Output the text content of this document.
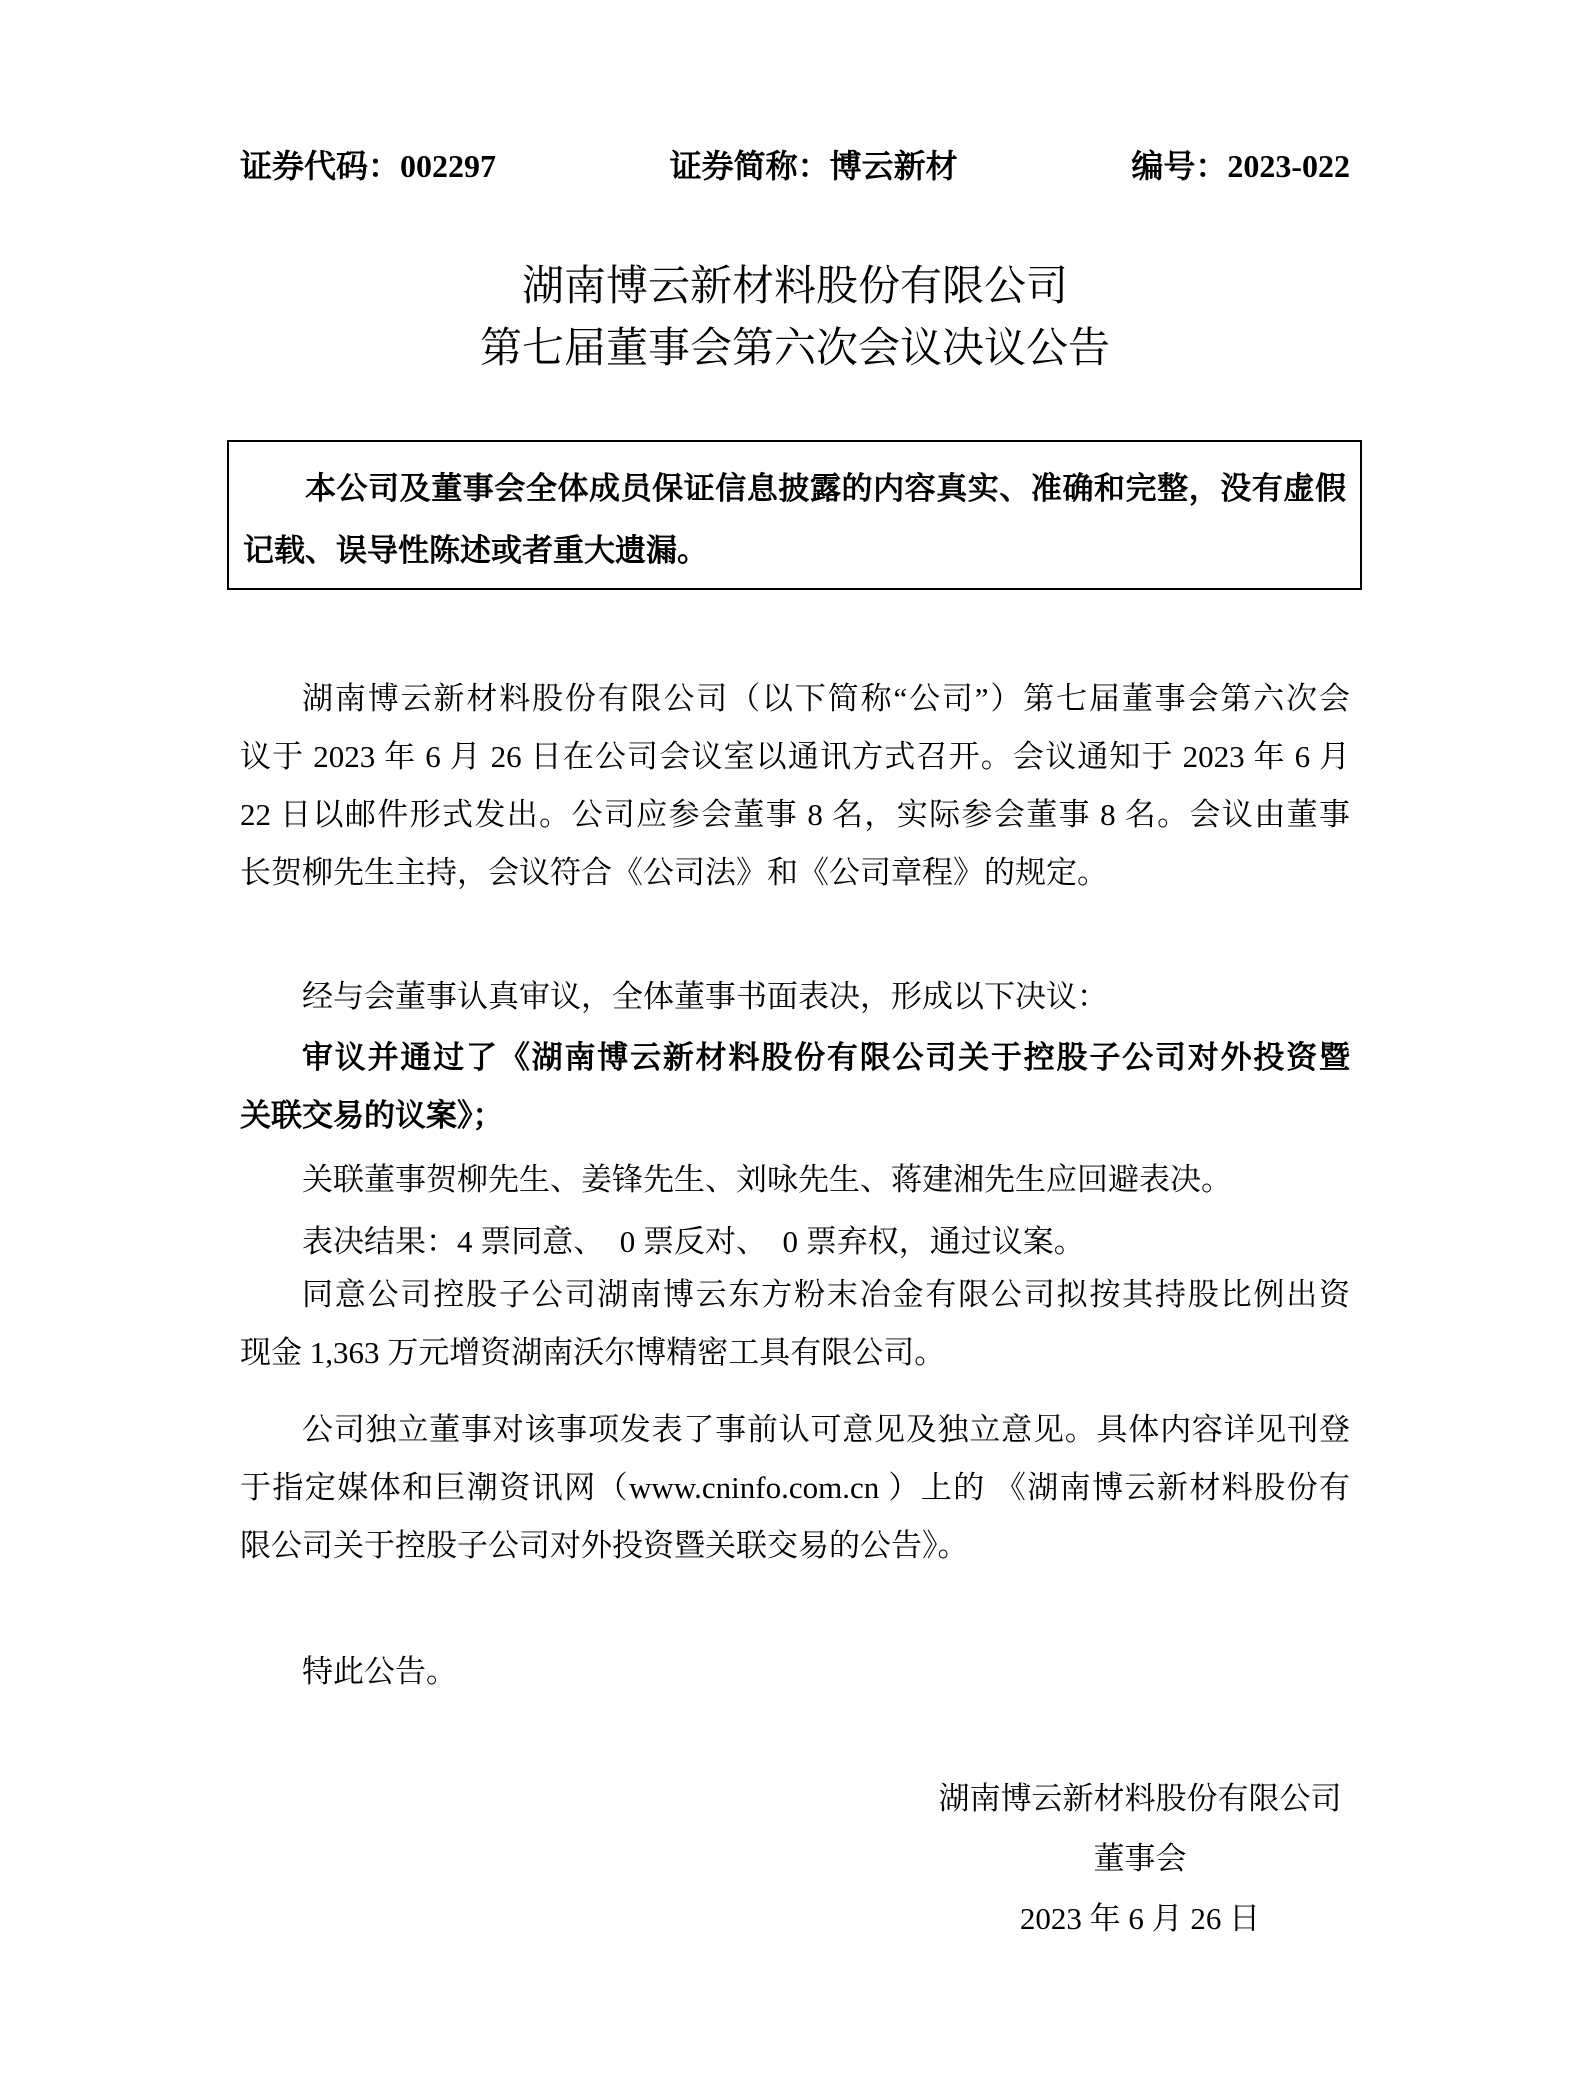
证券代码：002297	证券简称：博云新材	编号：2023-022
湖南博云新材料股份有限公司
第七届董事会第六次会议决议公告
本公司及董事会全体成员保证信息披露的内容真实、准确和完整，没有虚假
记载、误导性陈述或者重大遗漏。
湖南博云新材料股份有限公司（以下简称“公司”）第七届董事会第六次会
议于 2023 年 6 月 26 日在公司会议室以通讯方式召开。会议通知于 2023 年 6 月
22 日以邮件形式发出。公司应参会董事 8 名，实际参会董事 8 名。会议由董事
长贺柳先生主持，会议符合《公司法》和《公司章程》的规定。
经与会董事认真审议，全体董事书面表决，形成以下决议：
审议并通过了《湖南博云新材料股份有限公司关于控股子公司对外投资暨
关联交易的议案》；
关联董事贺柳先生、姜锋先生、刘咏先生、蒋建湘先生应回避表决。
表决结果：4 票同意、  0 票反对、  0 票弃权，通过议案。
同意公司控股子公司湖南博云东方粉末冶金有限公司拟按其持股比例出资
现金 1,363 万元增资湖南沃尔博精密工具有限公司。
公司独立董事对该事项发表了事前认可意见及独立意见。具体内容详见刊登
于指定媒体和巨潮资讯网（www.cninfo.com.cn ）上的 《湖南博云新材料股份有
限公司关于控股子公司对外投资暨关联交易的公告》。
特此公告。
湖南博云新材料股份有限公司
董事会
2023 年 6 月 26 日
